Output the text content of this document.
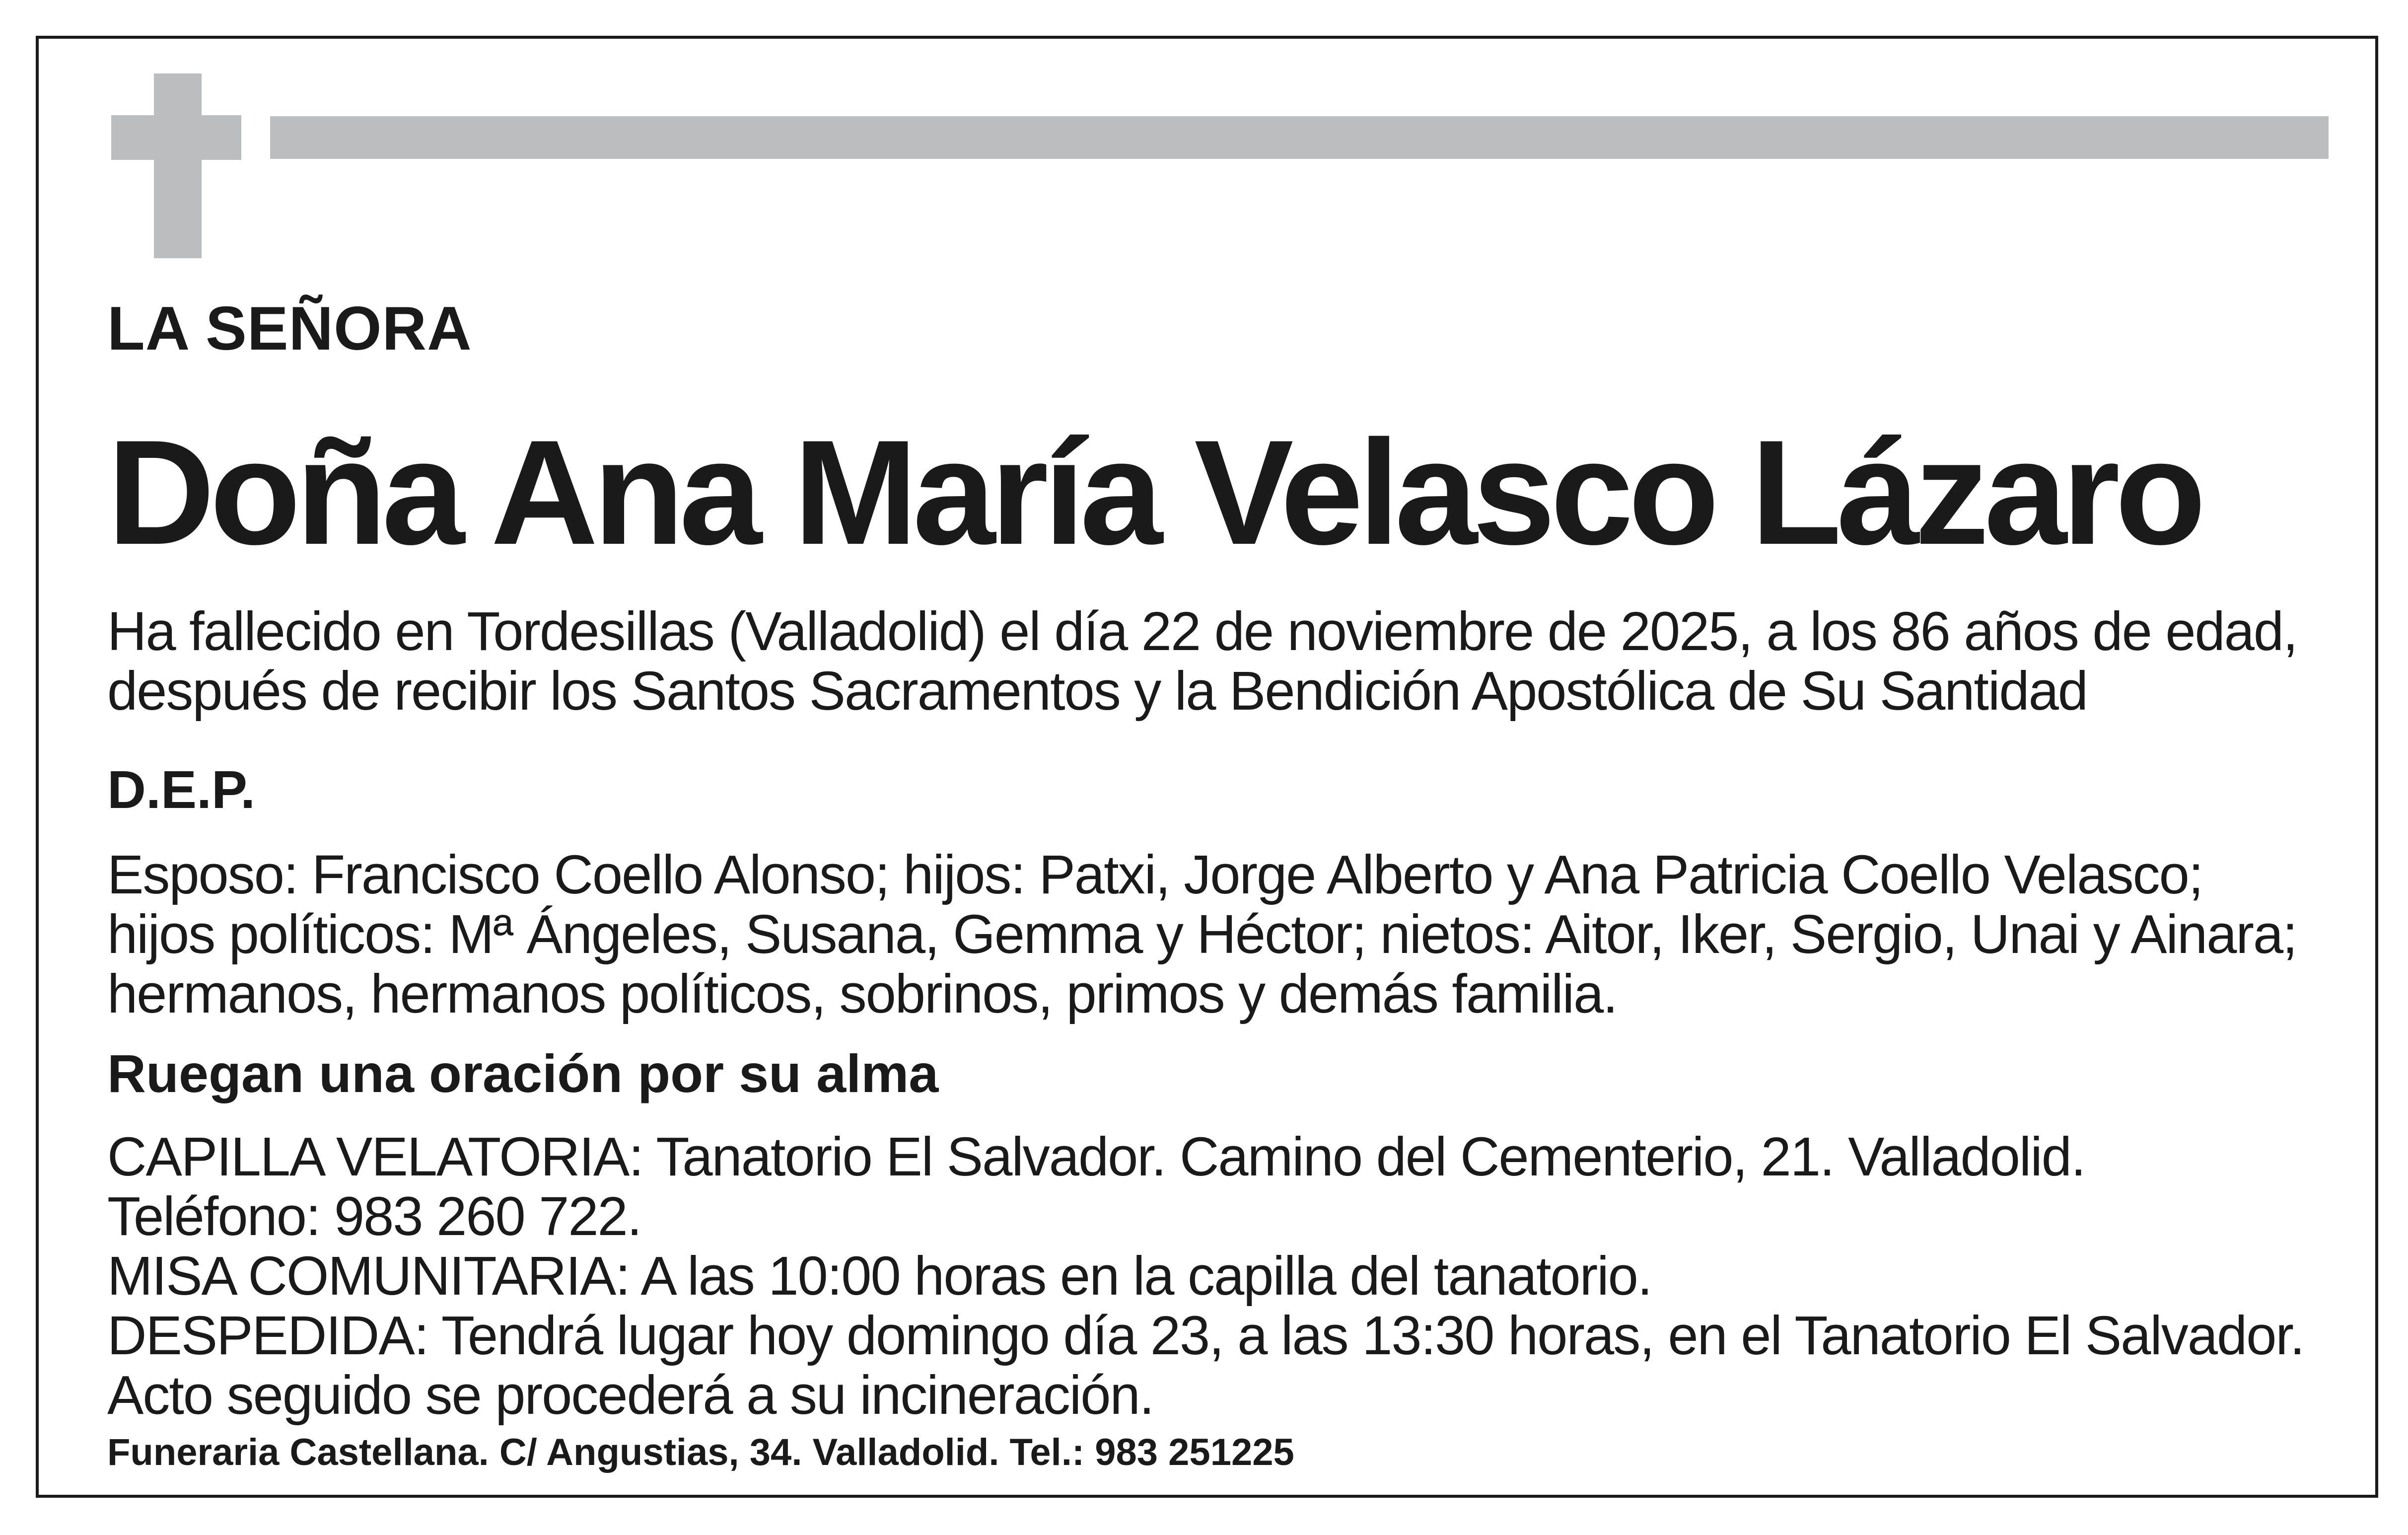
LA SEÑORA

Doña Ana María Velasco Lázaro
Ha fallecido en Tordesillas (Valladolid) el día 22 de noviembre de 2025, a los 86 años de edad,
después de recibir los Santos Sacramentos y la Bendición Apostólica de Su Santidad

D.E.P.

Esposo: Francisco Coello Alonso; hijos: Patxi, Jorge Alberto y Ana Patricia Coello Velasco;
hijos políticos: Mª Ángeles, Susana, Gemma y Héctor; nietos: Aitor, Iker, Sergio, Unai y Ainara;
hermanos, hermanos políticos, sobrinos, primos y demás familia.

Ruegan una oración por su alma

CAPILLA VELATORIA: Tanatorio El Salvador. Camino del Cementerio, 21. Valladolid.
Teléfono: 983 260 722.
MISA COMUNITARIA: A las 10:00 horas en la capilla del tanatorio.
DESPEDIDA: Tendrá lugar hoy domingo día 23, a las 13:30 horas, en el Tanatorio El Salvador.
Acto seguido se procederá a su incineración.

Funeraria Castellana. C/ Angustias, 34. Valladolid. Tel.: 983 251225
